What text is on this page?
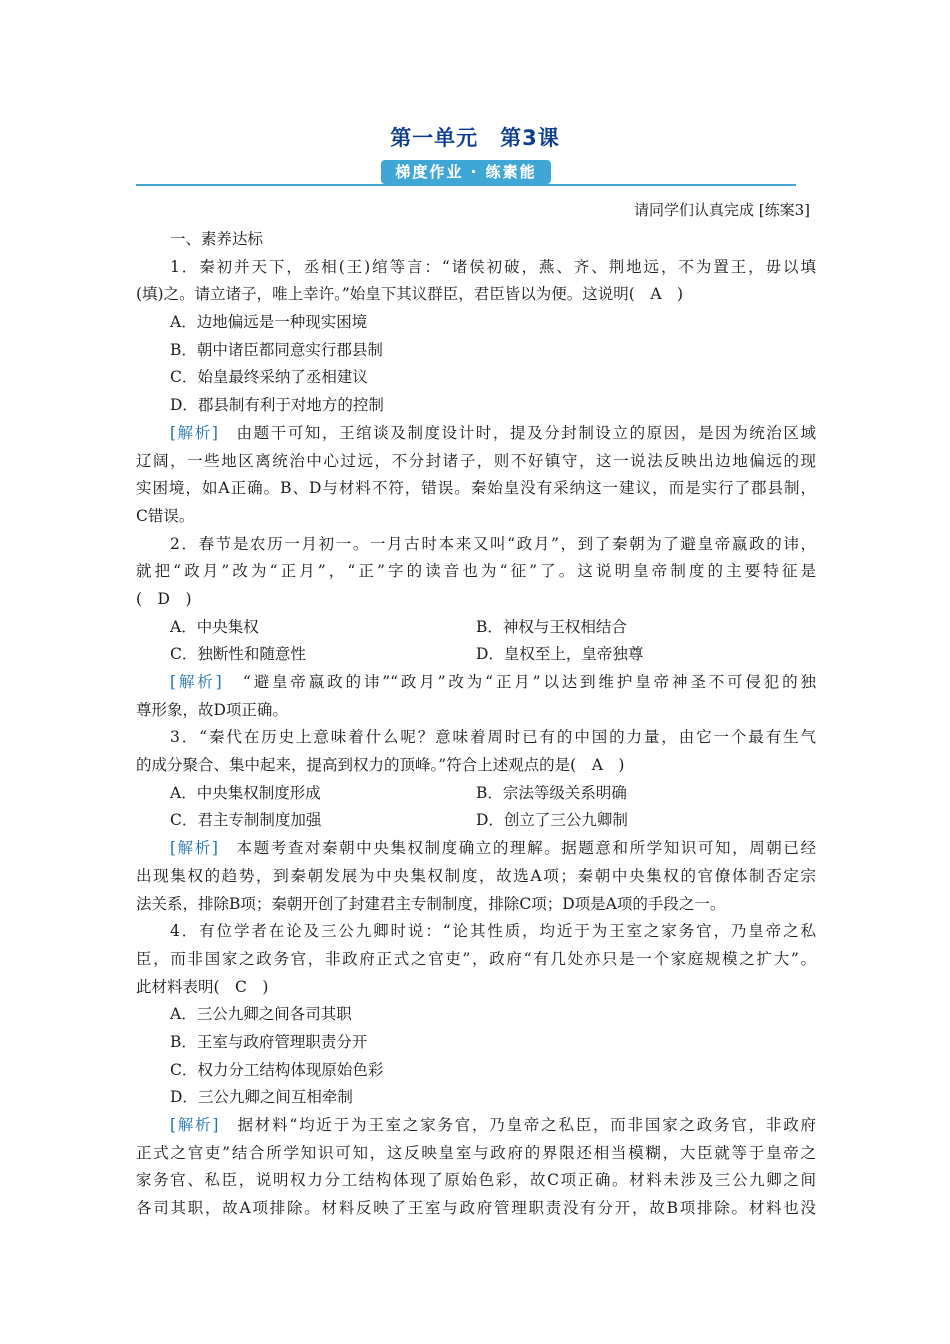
第一单元　第3课
梯度作业 · 练素能
请同学们认真完成 [练案3]
一、素养达标
1．秦初并天下，丞相(王)绾等言：“诸侯初破，燕、齐、荆地远，不为置王，毋以填
(填)之。请立诸子，唯上幸许。”始皇下其议群臣，君臣皆以为便。这说明(　A　)
A．边地偏远是一种现实困境
B．朝中诸臣都同意实行郡县制
C．始皇最终采纳了丞相建议
D．郡县制有利于对地方的控制
[解析]　由题干可知，王绾谈及制度设计时，提及分封制设立的原因，是因为统治区域
辽阔，一些地区离统治中心过远，不分封诸子，则不好镇守，这一说法反映出边地偏远的现
实困境，如A正确。B、D与材料不符，错误。秦始皇没有采纳这一建议，而是实行了郡县制，
C错误。
2．春节是农历一月初一。一月古时本来又叫“政月”，到了秦朝为了避皇帝嬴政的讳，
就把“政月”改为“正月”，“正”字的读音也为“征”了。这说明皇帝制度的主要特征是
(　D　)
A．中央集权	B．神权与王权相结合
C．独断性和随意性	D．皇权至上，皇帝独尊
[解析]　“避皇帝嬴政的讳”“政月”改为“正月”以达到维护皇帝神圣不可侵犯的独
尊形象，故D项正确。
3．“秦代在历史上意味着什么呢？意味着周时已有的中国的力量，由它一个最有生气
的成分聚合、集中起来，提高到权力的顶峰。”符合上述观点的是(　A　)
A．中央集权制度形成	B．宗法等级关系明确
C．君主专制制度加强	D．创立了三公九卿制
[解析]　本题考查对秦朝中央集权制度确立的理解。据题意和所学知识可知，周朝已经
出现集权的趋势，到秦朝发展为中央集权制度，故选A项；秦朝中央集权的官僚体制否定宗
法关系，排除B项；秦朝开创了封建君主专制制度，排除C项；D项是A项的手段之一。
4．有位学者在论及三公九卿时说：“论其性质，均近于为王室之家务官，乃皇帝之私
臣，而非国家之政务官，非政府正式之官吏”，政府“有几处亦只是一个家庭规模之扩大”。
此材料表明(　C　)
A．三公九卿之间各司其职
B．王室与政府管理职责分开
C．权力分工结构体现原始色彩
D．三公九卿之间互相牵制
[解析]　据材料“均近于为王室之家务官，乃皇帝之私臣，而非国家之政务官，非政府
正式之官吏”结合所学知识可知，这反映皇室与政府的界限还相当模糊，大臣就等于皇帝之
家务官、私臣，说明权力分工结构体现了原始色彩，故C项正确。材料未涉及三公九卿之间
各司其职，故A项排除。材料反映了王室与政府管理职责没有分开，故B项排除。材料也没
